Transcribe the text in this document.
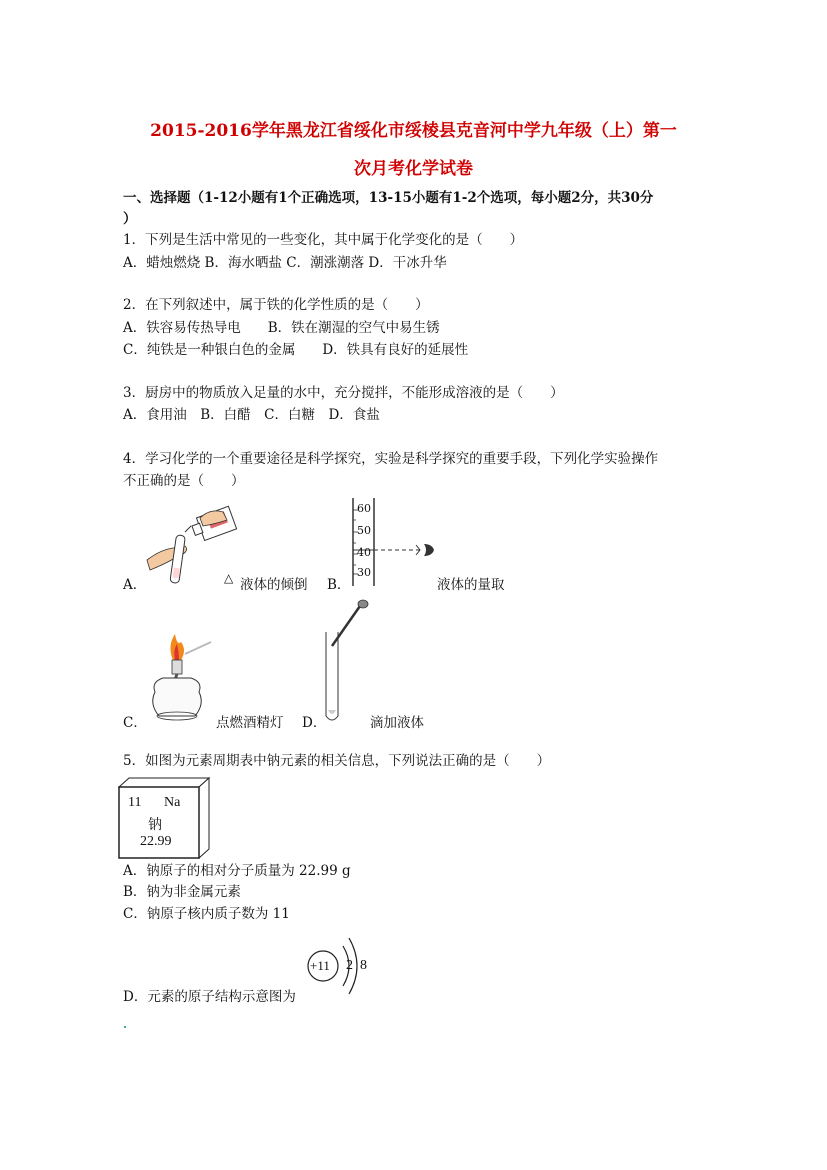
2015-2016学年黑龙江省绥化市绥棱县克音河中学九年级（上）第一
次月考化学试卷
一、选择题（1-12小题有1个正确选项，13-15小题有1-2个选项，每小题2分，共30分
）
1．下列是生活中常见的一些变化，其中属于化学变化的是（　　）
A．蜡烛燃烧 B．海水晒盐 C．潮涨潮落 D．干冰升华
2．在下列叙述中，属于铁的化学性质的是（　　）
A．铁容易传热导电　　B．铁在潮湿的空气中易生锈
C．纯铁是一种银白色的金属　　D．铁具有良好的延展性
3．厨房中的物质放入足量的水中，充分搅拌，不能形成溶液的是（　　）
A．食用油　B．白醋　C．白糖　D．食盐
4．学习化学的一个重要途径是科学探究，实验是科学探究的重要手段，下列化学实验操作
不正确的是（　　）
A．	△ 液体的倾倒
60
50
40
30
B．	液体的量取
C．	点燃酒精灯 D．	滴加液体
5．如图为元素周期表中钠元素的相关信息，下列说法正确的是（　　）
11 Na
钠
22.99
A．钠原子的相对分子质量为 22.99 g
B．钠为非金属元素
C．钠原子核内质子数为 11
+11 2 8
D．元素的原子结构示意图为
